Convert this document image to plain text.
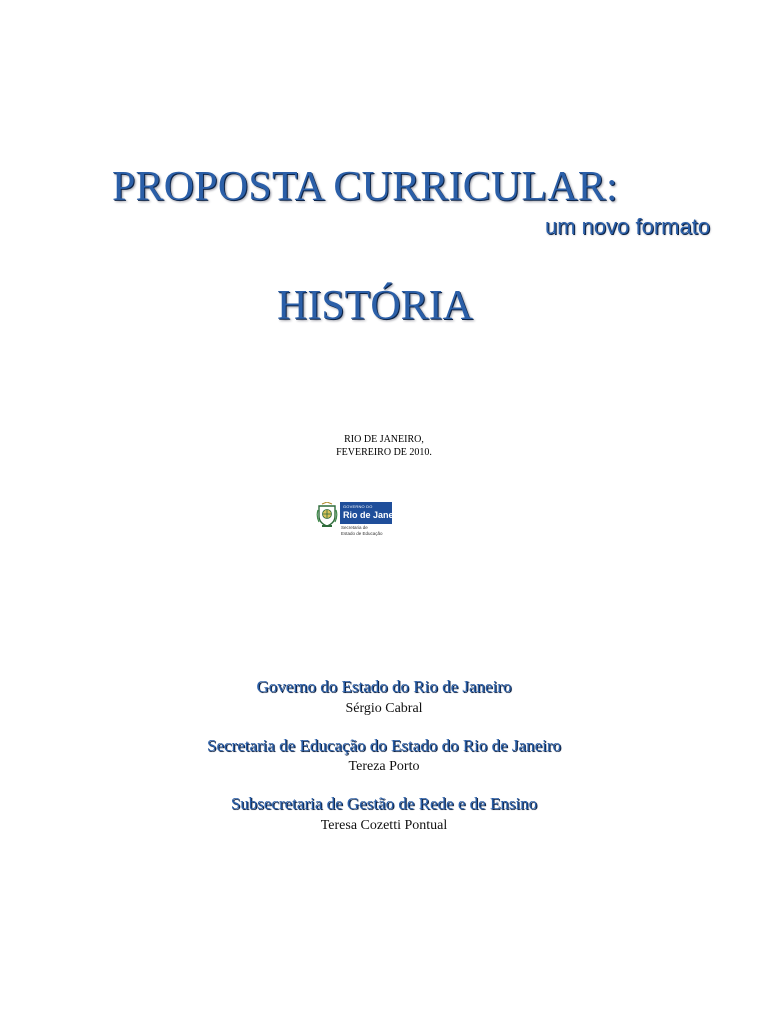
PROPOSTA CURRICULAR:
um novo formato
HISTÓRIA
RIO DE JANEIRO,
FEVEREIRO DE 2010.
GOVERNO DO
Rio de Janeiro
Secretaria de
Estado de Educação
Governo do Estado do Rio de Janeiro
Sérgio Cabral
Secretaria de Educação do Estado do Rio de Janeiro
Tereza Porto
Subsecretaria de Gestão de Rede e de Ensino
Teresa Cozetti Pontual
